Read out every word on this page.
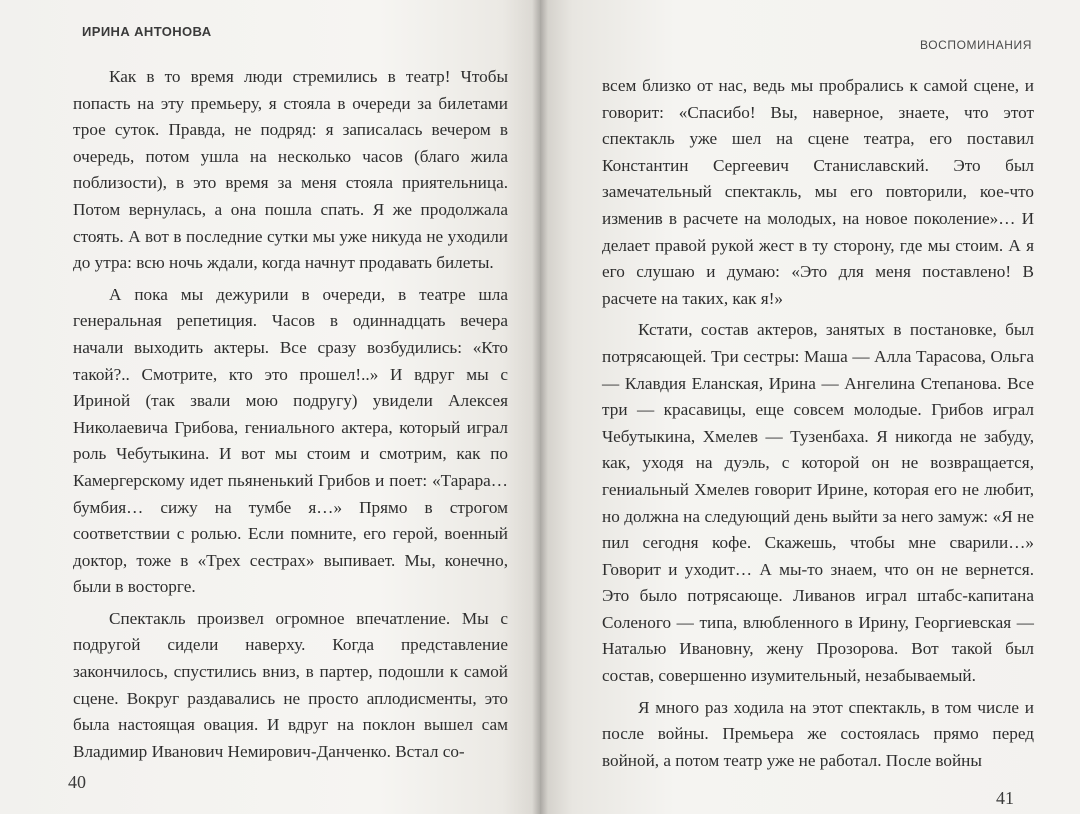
ИРИНА АНТОНОВА

Как в то время люди стремились в театр! Чтобы попасть на эту премьеру, я стояла в очереди за билетами трое суток. Правда, не подряд: я записалась вечером в очередь, потом ушла на несколько часов (благо жила поблизости), в это время за меня стояла приятельница. Потом вернулась, а она пошла спать. Я же продолжала стоять. А вот в последние сутки мы уже никуда не уходили до утра: всю ночь ждали, когда начнут продавать билеты.

А пока мы дежурили в очереди, в театре шла генеральная репетиция. Часов в одиннадцать вечера начали выходить актеры. Все сразу возбудились: «Кто такой?.. Смотрите, кто это прошел!..» И вдруг мы с Ириной (так звали мою подругу) увидели Алексея Николаевича Грибова, гениального актера, который играл роль Чебутыкина. И вот мы стоим и смотрим, как по Камергерскому идет пьяненький Грибов и поет: «Тарара… бумбия… сижу на тумбе я…» Прямо в строгом соответствии с ролью. Если помните, его герой, военный доктор, тоже в «Трех сестрах» выпивает. Мы, конечно, были в восторге.

Спектакль произвел огромное впечатление. Мы с подругой сидели наверху. Когда представление закончилось, спустились вниз, в партер, подошли к самой сцене. Вокруг раздавались не просто аплодисменты, это была настоящая овация. И вдруг на поклон вышел сам Владимир Иванович Немирович-Данченко. Встал со-

40
ВОСПОМИНАНИЯ

всем близко от нас, ведь мы пробрались к самой сцене, и говорит: «Спасибо! Вы, наверное, знаете, что этот спектакль уже шел на сцене театра, его поставил Константин Сергеевич Станиславский. Это был замечательный спектакль, мы его повторили, кое-что изменив в расчете на молодых, на новое поколение»… И делает правой рукой жест в ту сторону, где мы стоим. А я его слушаю и думаю: «Это для меня поставлено! В расчете на таких, как я!»

Кстати, состав актеров, занятых в постановке, был потрясающей. Три сестры: Маша — Алла Тарасова, Ольга — Клавдия Еланская, Ирина — Ангелина Степанова. Все три — красавицы, еще совсем молодые. Грибов играл Чебутыкина, Хмелев — Тузенбаха. Я никогда не забуду, как, уходя на дуэль, с которой он не возвращается, гениальный Хмелев говорит Ирине, которая его не любит, но должна на следующий день выйти за него замуж: «Я не пил сегодня кофе. Скажешь, чтобы мне сварили…» Говорит и уходит… А мы-то знаем, что он не вернется. Это было потрясающе. Ливанов играл штабс-капитана Соленого — типа, влюбленного в Ирину, Георгиевская — Наталью Ивановну, жену Прозорова. Вот такой был состав, совершенно изумительный, незабываемый.

Я много раз ходила на этот спектакль, в том числе и после войны. Премьера же состоялась прямо перед войной, а потом театр уже не работал. После войны

41
